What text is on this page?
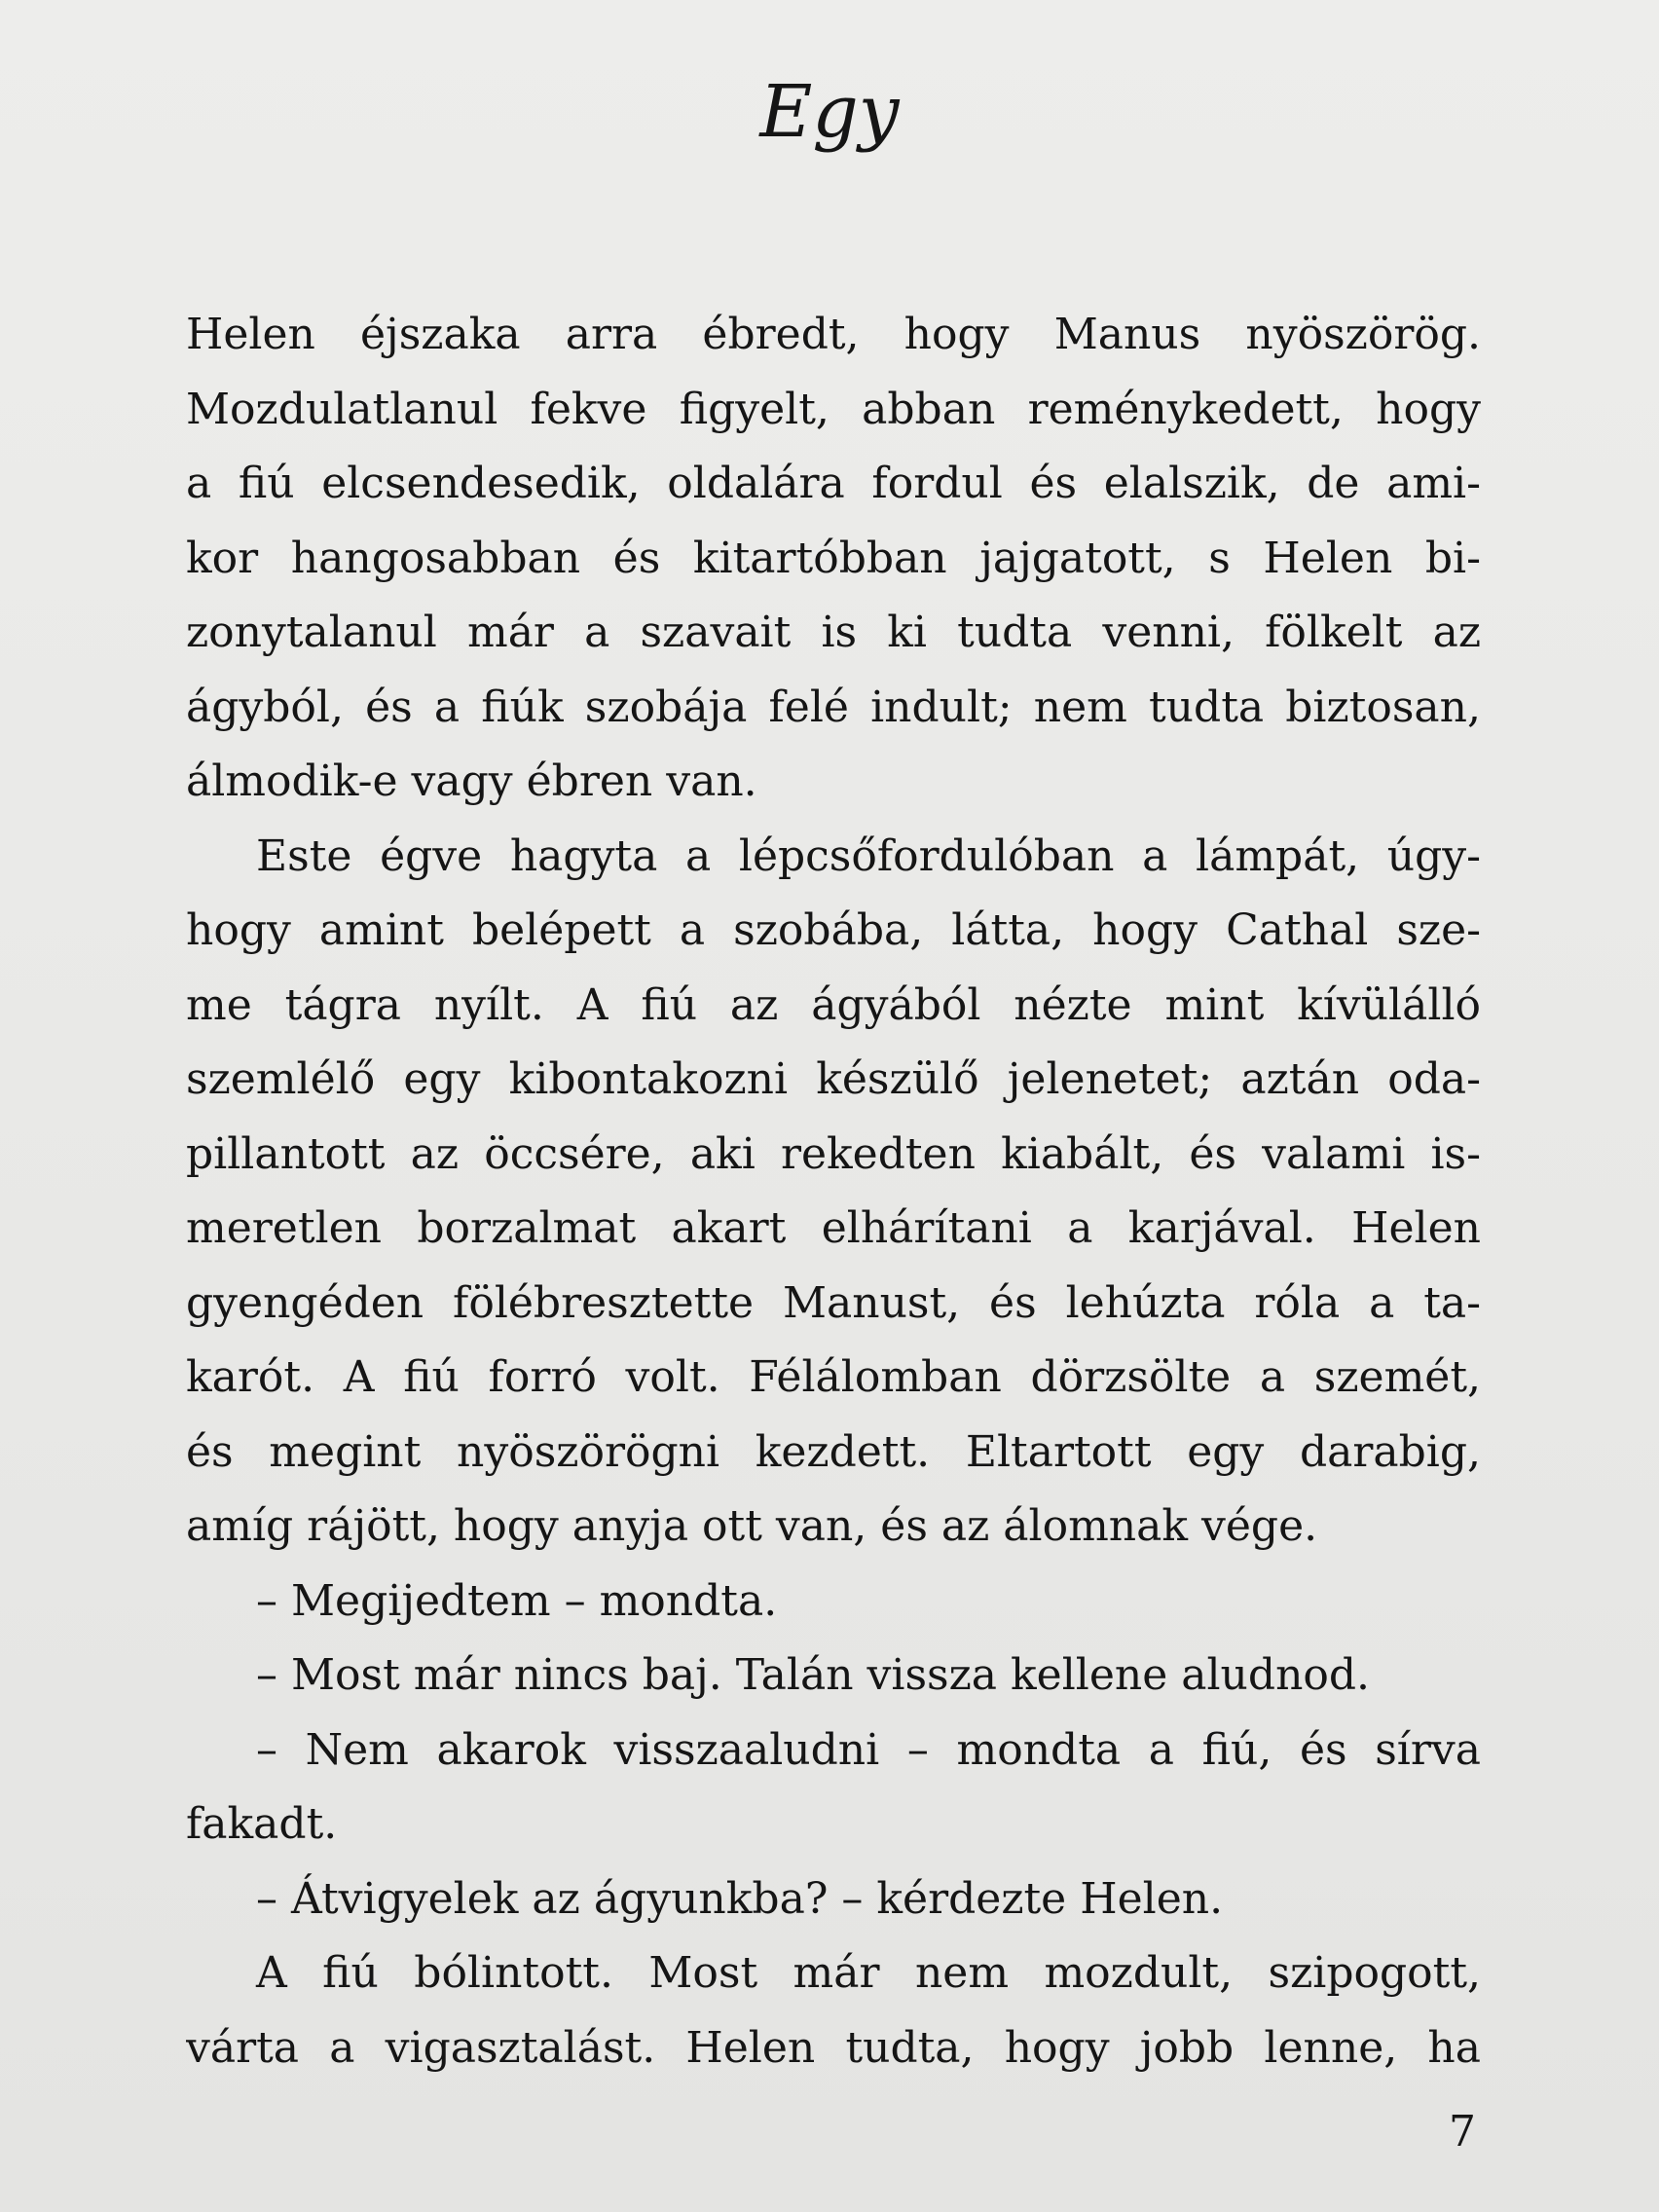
Egy
Helen éjszaka arra ébredt, hogy Manus nyöszörög.
Mozdulatlanul fekve figyelt, abban reménykedett, hogy
a fiú elcsendesedik, oldalára fordul és elalszik, de ami-
kor hangosabban és kitartóbban jajgatott, s Helen bi-
zonytalanul már a szavait is ki tudta venni, fölkelt az
ágyból, és a fiúk szobája felé indult; nem tudta biztosan,
álmodik-e vagy ébren van.
Este égve hagyta a lépcsőfordulóban a lámpát, úgy-
hogy amint belépett a szobába, látta, hogy Cathal sze-
me tágra nyílt. A fiú az ágyából nézte mint kívülálló
szemlélő egy kibontakozni készülő jelenetet; aztán oda-
pillantott az öccsére, aki rekedten kiabált, és valami is-
meretlen borzalmat akart elhárítani a karjával. Helen
gyengéden fölébresztette Manust, és lehúzta róla a ta-
karót. A fiú forró volt. Félálomban dörzsölte a szemét,
és megint nyöszörögni kezdett. Eltartott egy darabig,
amíg rájött, hogy anyja ott van, és az álomnak vége.
– Megijedtem – mondta.
– Most már nincs baj. Talán vissza kellene aludnod.
– Nem akarok visszaaludni – mondta a fiú, és sírva
fakadt.
– Átvigyelek az ágyunkba? – kérdezte Helen.
A fiú bólintott. Most már nem mozdult, szipogott,
várta a vigasztalást. Helen tudta, hogy jobb lenne, ha
7
